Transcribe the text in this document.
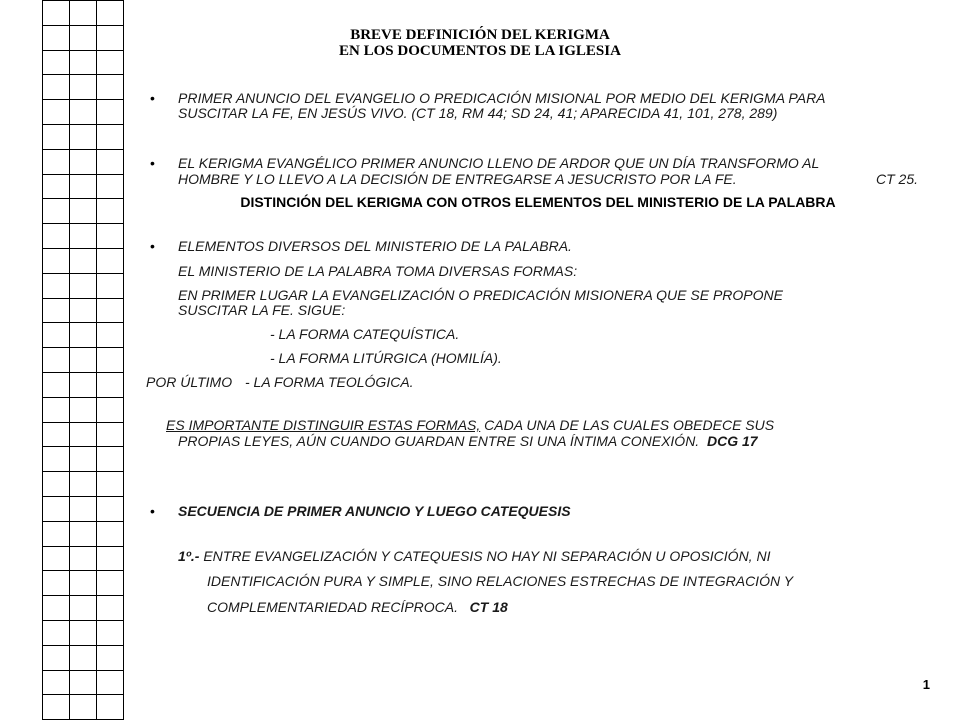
BREVE DEFINICIÓN DEL KERIGMA
EN LOS DOCUMENTOS DE LA IGLESIA
• PRIMER ANUNCIO DEL EVANGELIO O PREDICACIÓN MISIONAL POR MEDIO DEL KERIGMA PARA
SUSCITAR LA FE, EN JESÚS VIVO. (CT 18, RM 44; SD 24, 41; APARECIDA 41, 101, 278, 289)
• EL KERIGMA EVANGÉLICO PRIMER ANUNCIO LLENO DE ARDOR QUE UN DÍA TRANSFORMO AL
HOMBRE Y LO LLEVO A LA DECISIÓN DE ENTREGARSE A JESUCRISTO POR LA FE.	CT 25.
DISTINCIÓN DEL KERIGMA CON OTROS ELEMENTOS DEL MINISTERIO DE LA PALABRA
• ELEMENTOS DIVERSOS DEL MINISTERIO DE LA PALABRA.
EL MINISTERIO DE LA PALABRA TOMA DIVERSAS FORMAS:
EN PRIMER LUGAR LA EVANGELIZACIÓN O PREDICACIÓN MISIONERA QUE SE PROPONE
SUSCITAR LA FE. SIGUE:
- LA FORMA CATEQUÍSTICA.
- LA FORMA LITÚRGICA (HOMILÍA).
POR ÚLTIMO - LA FORMA TEOLÓGICA.
ES IMPORTANTE DISTINGUIR ESTAS FORMAS, CADA UNA DE LAS CUALES OBEDECE SUS
PROPIAS LEYES, AÚN CUANDO GUARDAN ENTRE SI UNA ÍNTIMA CONEXIÓN. DCG 17
• SECUENCIA DE PRIMER ANUNCIO Y LUEGO CATEQUESIS
1º.- ENTRE EVANGELIZACIÓN Y CATEQUESIS NO HAY NI SEPARACIÓN U OPOSICIÓN, NI
IDENTIFICACIÓN PURA Y SIMPLE, SINO RELACIONES ESTRECHAS DE INTEGRACIÓN Y
COMPLEMENTARIEDAD RECÍPROCA. CT 18
1
